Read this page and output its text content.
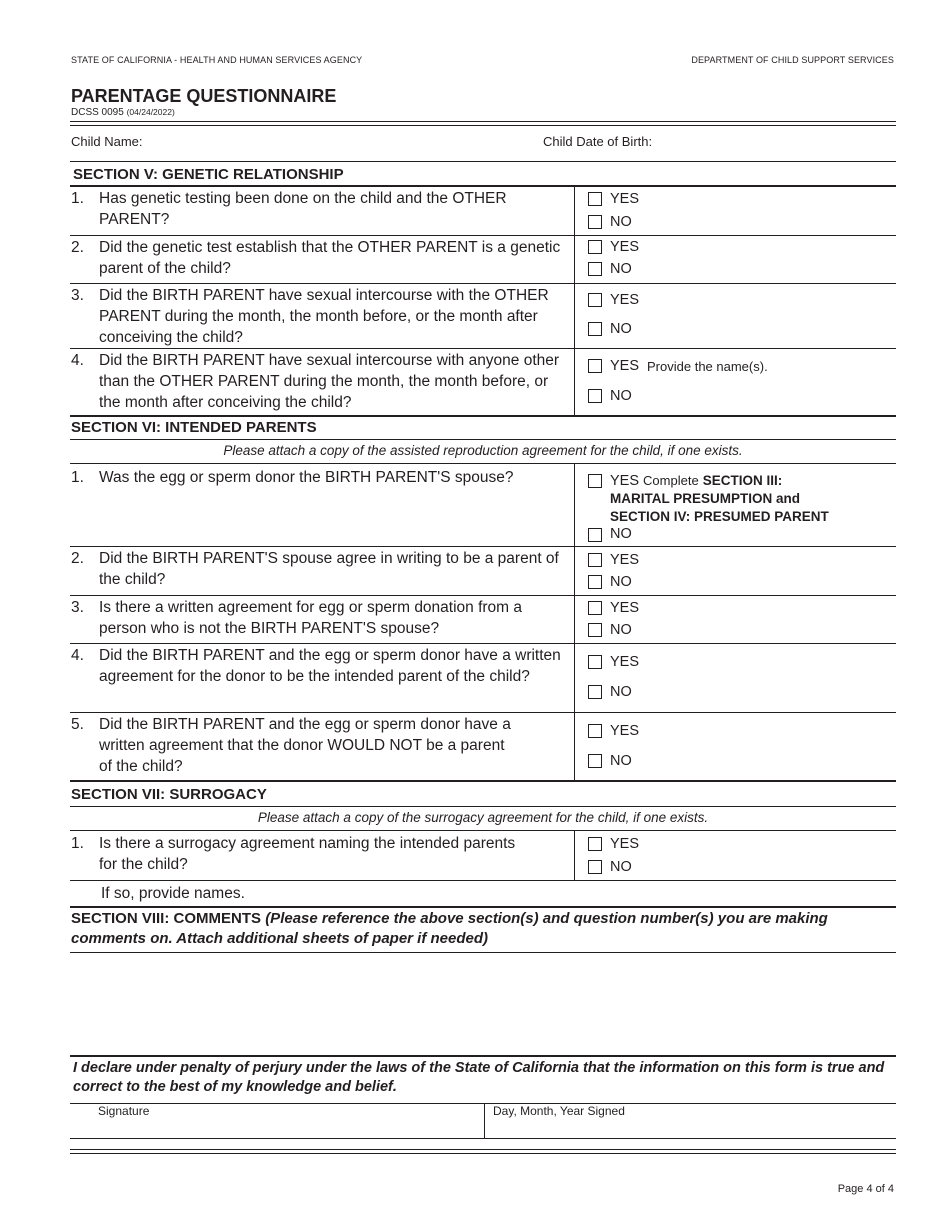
STATE OF CALIFORNIA - HEALTH AND HUMAN SERVICES AGENCY	DEPARTMENT OF CHILD SUPPORT SERVICES
PARENTAGE QUESTIONNAIRE
DCSS 0095 (04/24/2022)
Child Name:	Child Date of Birth:
SECTION V: GENETIC RELATIONSHIP
1. Has genetic testing been done on the child and the OTHER PARENT?
YES
NO
2. Did the genetic test establish that the OTHER PARENT is a genetic parent of the child?
YES
NO
3. Did the BIRTH PARENT have sexual intercourse with the OTHER PARENT during the month, the month before, or the month after conceiving the child?
YES
NO
4. Did the BIRTH PARENT have sexual intercourse with anyone other than the OTHER PARENT during the month, the month before, or the month after conceiving the child?
YES Provide the name(s).
NO
SECTION VI: INTENDED PARENTS
Please attach a copy of the assisted reproduction agreement for the child, if one exists.
1. Was the egg or sperm donor the BIRTH PARENT'S spouse?	YES Complete SECTION III:
MARITAL PRESUMPTION and
SECTION IV: PRESUMED PARENT
NO
2. Did the BIRTH PARENT'S spouse agree in writing to be a parent of the child?
YES
NO
3. Is there a written agreement for egg or sperm donation from a person who is not the BIRTH PARENT'S spouse?
YES
NO
4. Did the BIRTH PARENT and the egg or sperm donor have a written agreement for the donor to be the intended parent of the child?
YES
NO
5. Did the BIRTH PARENT and the egg or sperm donor have a written agreement that the donor WOULD NOT be a parent of the child?
YES
NO
SECTION VII: SURROGACY
Please attach a copy of the surrogacy agreement for the child, if one exists.
1. Is there a surrogacy agreement naming the intended parents for the child?
YES
NO
If so, provide names.
SECTION VIII: COMMENTS (Please reference the above section(s) and question number(s) you are making comments on. Attach additional sheets of paper if needed)
I declare under penalty of perjury under the laws of the State of California that the information on this form is true and correct to the best of my knowledge and belief.
Signature	Day, Month, Year Signed
Page 4 of 4
